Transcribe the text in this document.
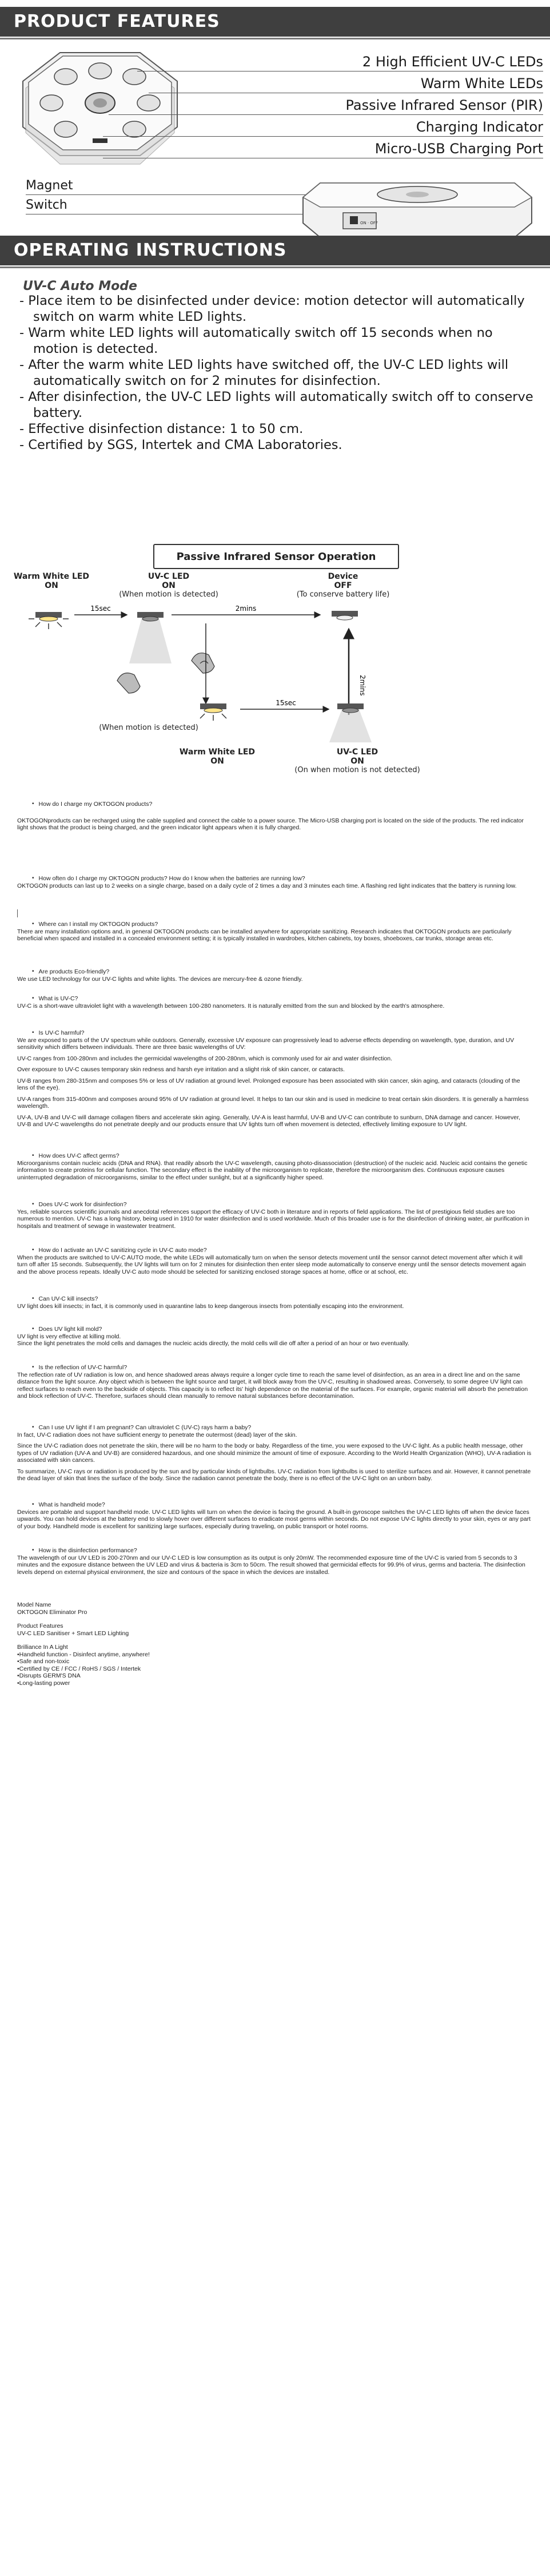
PRODUCT FEATURES
2 High Efficient UV-C LEDs
Warm White LEDs
Passive Infrared Sensor (PIR)
Charging Indicator
Micro-USB Charging Port
Magnet
Switch
ON · OFF
OPERATING INSTRUCTIONS
UV-C Auto Mode
- Place item to be disinfected under device: motion detector will automatically switch on warm white LED lights.
- Warm white LED lights will automatically switch off 15 seconds when no motion is detected.
- After the warm white LED lights have switched off, the UV-C LED lights will automatically switch on for 2 minutes for disinfection.
- After disinfection, the UV-C LED lights will automatically switch off to conserve battery.
- Effective disinfection distance: 1 to 50 cm.
- Certified by SGS, Intertek and CMA Laboratories.
Passive Infrared Sensor Operation
Warm White LED
ON
UV-C LED
ON
(When motion is detected)
Device
OFF
(To conserve battery life)
15sec	2mins
2mins
15sec
(When motion is detected)
Warm White LED
ON
UV-C LED
ON
(On when motion is not detected)
• How do I charge my OKTOGON products?

OKTOGONproducts can be recharged using the cable supplied and connect the cable to a power source. The Micro-USB charging port is located on the side of the products. The red indicator light shows that the product is being charged, and the green indicator light appears when it is fully charged.

• How often do I charge my OKTOGON products? How do I know when the batteries are running low?

OKTOGON products can last up to 2 weeks on a single charge, based on a daily cycle of 2 times a day and 3 minutes each time. A flashing red light indicates that the battery is running low.

• Where can I install my OKTOGON products?

There are many installation options and, in general OKTOGON products can be installed anywhere for appropriate sanitizing. Research indicates that OKTOGON products are particularly beneficial when spaced and installed in a concealed environment setting; it is typically installed in wardrobes, kitchen cabinets, toy boxes, shoeboxes, car trunks, storage areas etc.

• Are products Eco-friendly?

We use LED technology for our UV-C lights and white lights. The devices are mercury-free & ozone friendly.

• What is UV-C?

UV-C is a short-wave ultraviolet light with a wavelength between 100-280 nanometers. It is naturally emitted from the sun and blocked by the earth's atmosphere.

• Is UV-C harmful?

We are exposed to parts of the UV spectrum while outdoors. Generally, excessive UV exposure can progressively lead to adverse effects depending on wavelength, type, duration, and UV sensitivity which differs between individuals. There are three basic wavelengths of UV:

UV-C ranges from 100-280nm and includes the germicidal wavelengths of 200-280nm, which is commonly used for air and water disinfection.

Over exposure to UV-C causes temporary skin redness and harsh eye irritation and a slight risk of skin cancer, or cataracts.

UV-B ranges from 280-315nm and composes 5% or less of UV radiation at ground level. Prolonged exposure has been associated with skin cancer, skin aging, and cataracts (clouding of the lens of the eye).

UV-A ranges from 315-400nm and composes around 95% of UV radiation at ground level. It helps to tan our skin and is used in medicine to treat certain skin disorders. It is generally a harmless wavelength.

UV-A, UV-B and UV-C will damage collagen fibers and accelerate skin aging. Generally, UV-A is least harmful, UV-B and UV-C can contribute to sunburn, DNA damage and cancer. However, UV-B and UV-C wavelengths do not penetrate deeply and our products ensure that UV lights turn off when movement is detected, effectively limiting exposure to UV light.

• How does UV-C affect germs?

Microorganisms contain nucleic acids (DNA and RNA). that readily absorb the UV-C wavelength, causing photo-disassociation (destruction) of the nucleic acid. Nucleic acid contains the genetic information to create proteins for cellular function. The secondary effect is the inability of the microorganism to replicate, therefore the microorganism dies. Continuous exposure causes uninterrupted degradation of microorganisms, similar to the effect under sunlight, but at a significantly higher speed.

• Does UV-C work for disinfection?

Yes, reliable sources scientific journals and anecdotal references support the efficacy of UV-C both in literature and in reports of field applications. The list of prestigious field studies are too numerous to mention. UV-C has a long history, being used in 1910 for water disinfection and is used worldwide. Much of this broader use is for the disinfection of drinking water, air purification in hospitals and treatment of sewage in wastewater treatment.

• How do I activate an UV-C sanitizing cycle in UV-C auto mode?

When the products are switched to UV-C AUTO mode, the white LEDs will automatically turn on when the sensor detects movement until the sensor cannot detect movement after which it will turn off after 15 seconds. Subsequently, the UV lights will turn on for 2 minutes for disinfection then enter sleep mode automatically to conserve energy until the sensor detects movement again and the above process repeats. Ideally UV-C auto mode should be selected for sanitizing enclosed storage spaces at home, office or at school, etc.

• Can UV-C kill insects?

UV light does kill insects; in fact, it is commonly used in quarantine labs to keep dangerous insects from potentially escaping into the environment.

• Does UV light kill mold?

UV light is very effective at killing mold.

Since the light penetrates the mold cells and damages the nucleic acids directly, the mold cells will die off after a period of an hour or two eventually.

• Is the reflection of UV-C harmful?

The reflection rate of UV radiation is low on, and hence shadowed areas always require a longer cycle time to reach the same level of disinfection, as an area in a direct line and on the same distance from the light source. Any object which is between the light source and target, it will block away from the UV-C, resulting in shadowed areas. Conversely, to some degree UV light can reflect surfaces to reach even to the backside of objects. This capacity is to reflect its' high dependence on the material of the surfaces. For example, organic material will absorb the penetration and block reflection of UV-C. Therefore, surfaces should clean manually to remove natural substances before decontamination.

• Can I use UV light if I am pregnant? Can ultraviolet C (UV-C) rays harm a baby?

In fact, UV-C radiation does not have sufficient energy to penetrate the outermost (dead) layer of the skin.

Since the UV-C radiation does not penetrate the skin, there will be no harm to the body or baby. Regardless of the time, you were exposed to the UV-C light. As a public health message, other types of UV radiation (UV-A and UV-B) are considered hazardous, and one should minimize the amount of time of exposure. According to the World Health Organization (WHO), UV-A radiation is associated with skin cancers.

To summarize, UV-C rays or radiation is produced by the sun and by particular kinds of lightbulbs. UV-C radiation from lightbulbs is used to sterilize surfaces and air. However, it cannot penetrate the dead layer of skin that lines the surface of the body. Since the radiation cannot penetrate the body, there is no effect of the UV-C light on an unborn baby.

• What is handheld mode?

Devices are portable and support handheld mode. UV-C LED lights will turn on when the device is facing the ground. A built-in gyroscope switches the UV-C LED lights off when the device faces upwards. You can hold devices at the battery end to slowly hover over different surfaces to eradicate most germs within seconds. Do not expose UV-C lights directly to your skin, eyes or any part of your body. Handheld mode is excellent for sanitizing large surfaces, especially during traveling, on public transport or hotel rooms.

• How is the disinfection performance?

The wavelength of our UV LED is 200-270nm and our UV-C LED is low consumption as its output is only 20mW. The recommended exposure time of the UV-C is varied from 5 seconds to 3 minutes and the exposure distance between the UV LED and virus & bacteria is 3cm to 50cm. The result showed that germicidal effects for 99.9% of virus, germs and bacteria. The disinfection levels depend on external physical environment, the size and contours of the space in which the devices are installed.

Model Name
OKTOGON Eliminator Pro
Product Features
UV-C LED Sanitiser + Smart LED Lighting
Brilliance In A Light
•Handheld function - Disinfect anytime, anywhere!
•Safe and non-toxic
•Certified by CE / FCC / RoHS / SGS / Intertek
•Disrupts GERM'S DNA
•Long-lasting power
